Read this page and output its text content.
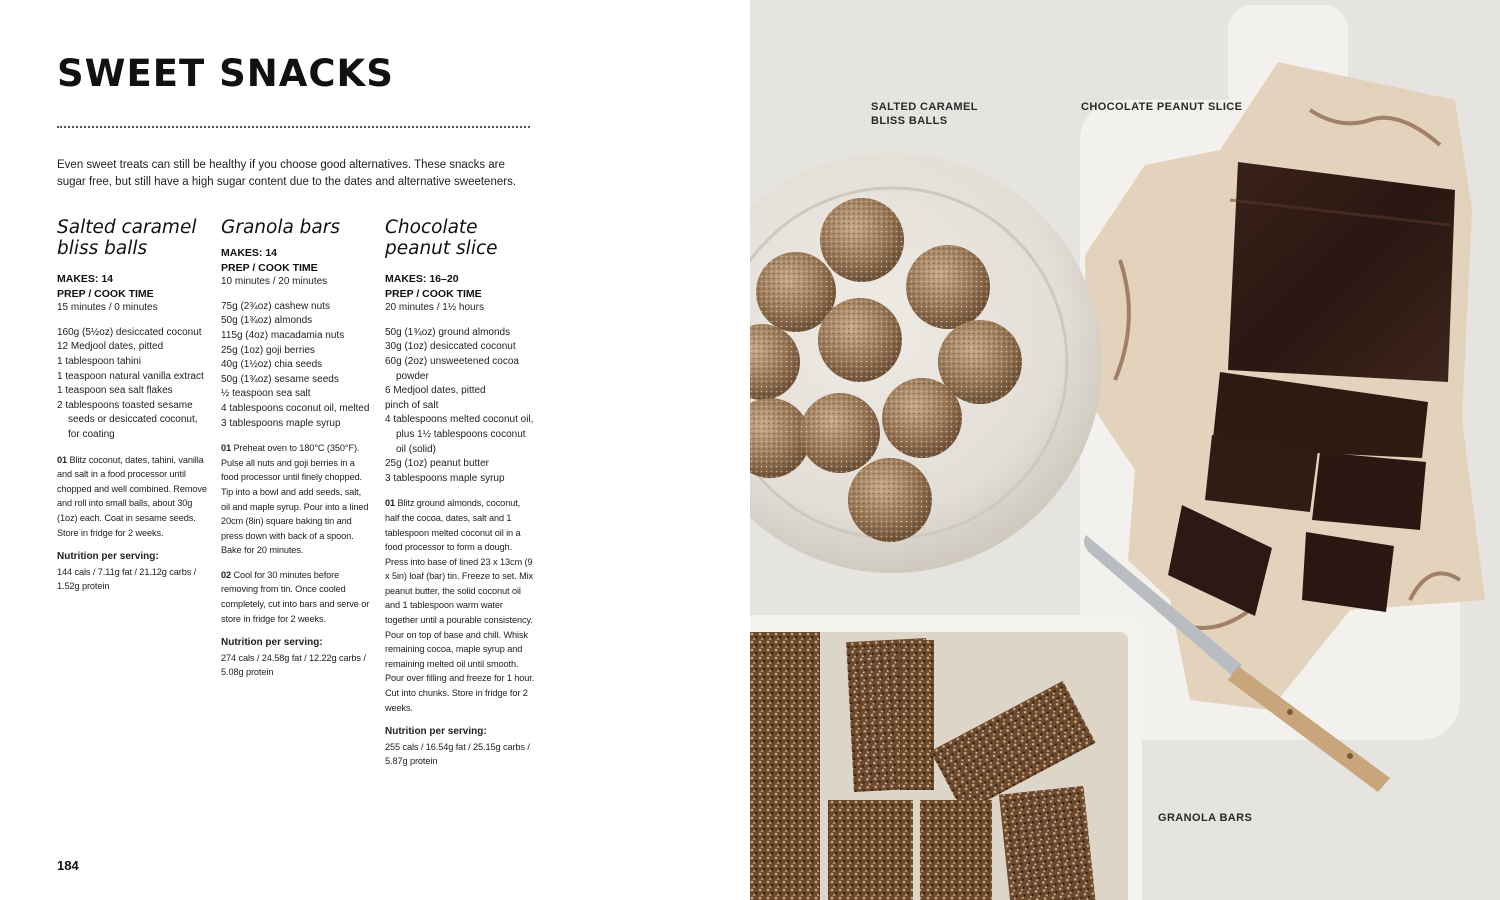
SWEET SNACKS

Even sweet treats can still be healthy if you choose good alternatives. These snacks are sugar free, but still have a high sugar content due to the dates and alternative sweeteners.

Salted caramel
bliss balls
MAKES: 14
PREP / COOK TIME
15 minutes / 0 minutes
160g (5½oz) desiccated coconut
12 Medjool dates, pitted
1 tablespoon tahini
1 teaspoon natural vanilla extract
1 teaspoon sea salt flakes
2 tablespoons toasted sesame seeds or desiccated coconut, for coating
01 Blitz coconut, dates, tahini, vanilla and salt in a food processor until chopped and well combined. Remove and roll into small balls, about 30g (1oz) each. Coat in sesame seeds. Store in fridge for 2 weeks.
Nutrition per serving:
144 cals / 7.11g fat / 21.12g carbs / 1.52g protein
Granola bars
MAKES: 14
PREP / COOK TIME
10 minutes / 20 minutes
75g (2¾oz) cashew nuts
50g (1¾oz) almonds
115g (4oz) macadamia nuts
25g (1oz) goji berries
40g (1½oz) chia seeds
50g (1¾oz) sesame seeds
½ teaspoon sea salt
4 tablespoons coconut oil, melted
3 tablespoons maple syrup
01 Preheat oven to 180°C (350°F). Pulse all nuts and goji berries in a food processor until finely chopped. Tip into a bowl and add seeds, salt, oil and maple syrup. Pour into a lined 20cm (8in) square baking tin and press down with back of a spoon. Bake for 20 minutes.
02 Cool for 30 minutes before removing from tin. Once cooled completely, cut into bars and serve or store in fridge for 2 weeks.
Nutrition per serving:
274 cals / 24.58g fat / 12.22g carbs / 5.08g protein
Chocolate
peanut slice
MAKES: 16–20
PREP / COOK TIME
20 minutes / 1½ hours
50g (1¾oz) ground almonds
30g (1oz) desiccated coconut
60g (2oz) unsweetened cocoa powder
6 Medjool dates, pitted
pinch of salt
4 tablespoons melted coconut oil, plus 1½ tablespoons coconut oil (solid)
25g (1oz) peanut butter
3 tablespoons maple syrup
01 Blitz ground almonds, coconut, half the cocoa, dates, salt and 1 tablespoon melted coconut oil in a food processor to form a dough. Press into base of lined 23 x 13cm (9 x 5in) loaf (bar) tin. Freeze to set. Mix peanut butter, the solid coconut oil and 1 tablespoon warm water together until a pourable consistency. Pour on top of base and chill. Whisk remaining cocoa, maple syrup and remaining melted oil until smooth. Pour over filling and freeze for 1 hour. Cut into chunks. Store in fridge for 2 weeks.
Nutrition per serving:
255 cals / 16.54g fat / 25.15g carbs / 5.87g protein
184
SALTED CARAMEL BLISS BALLS
CHOCOLATE PEANUT SLICE
GRANOLA BARS
